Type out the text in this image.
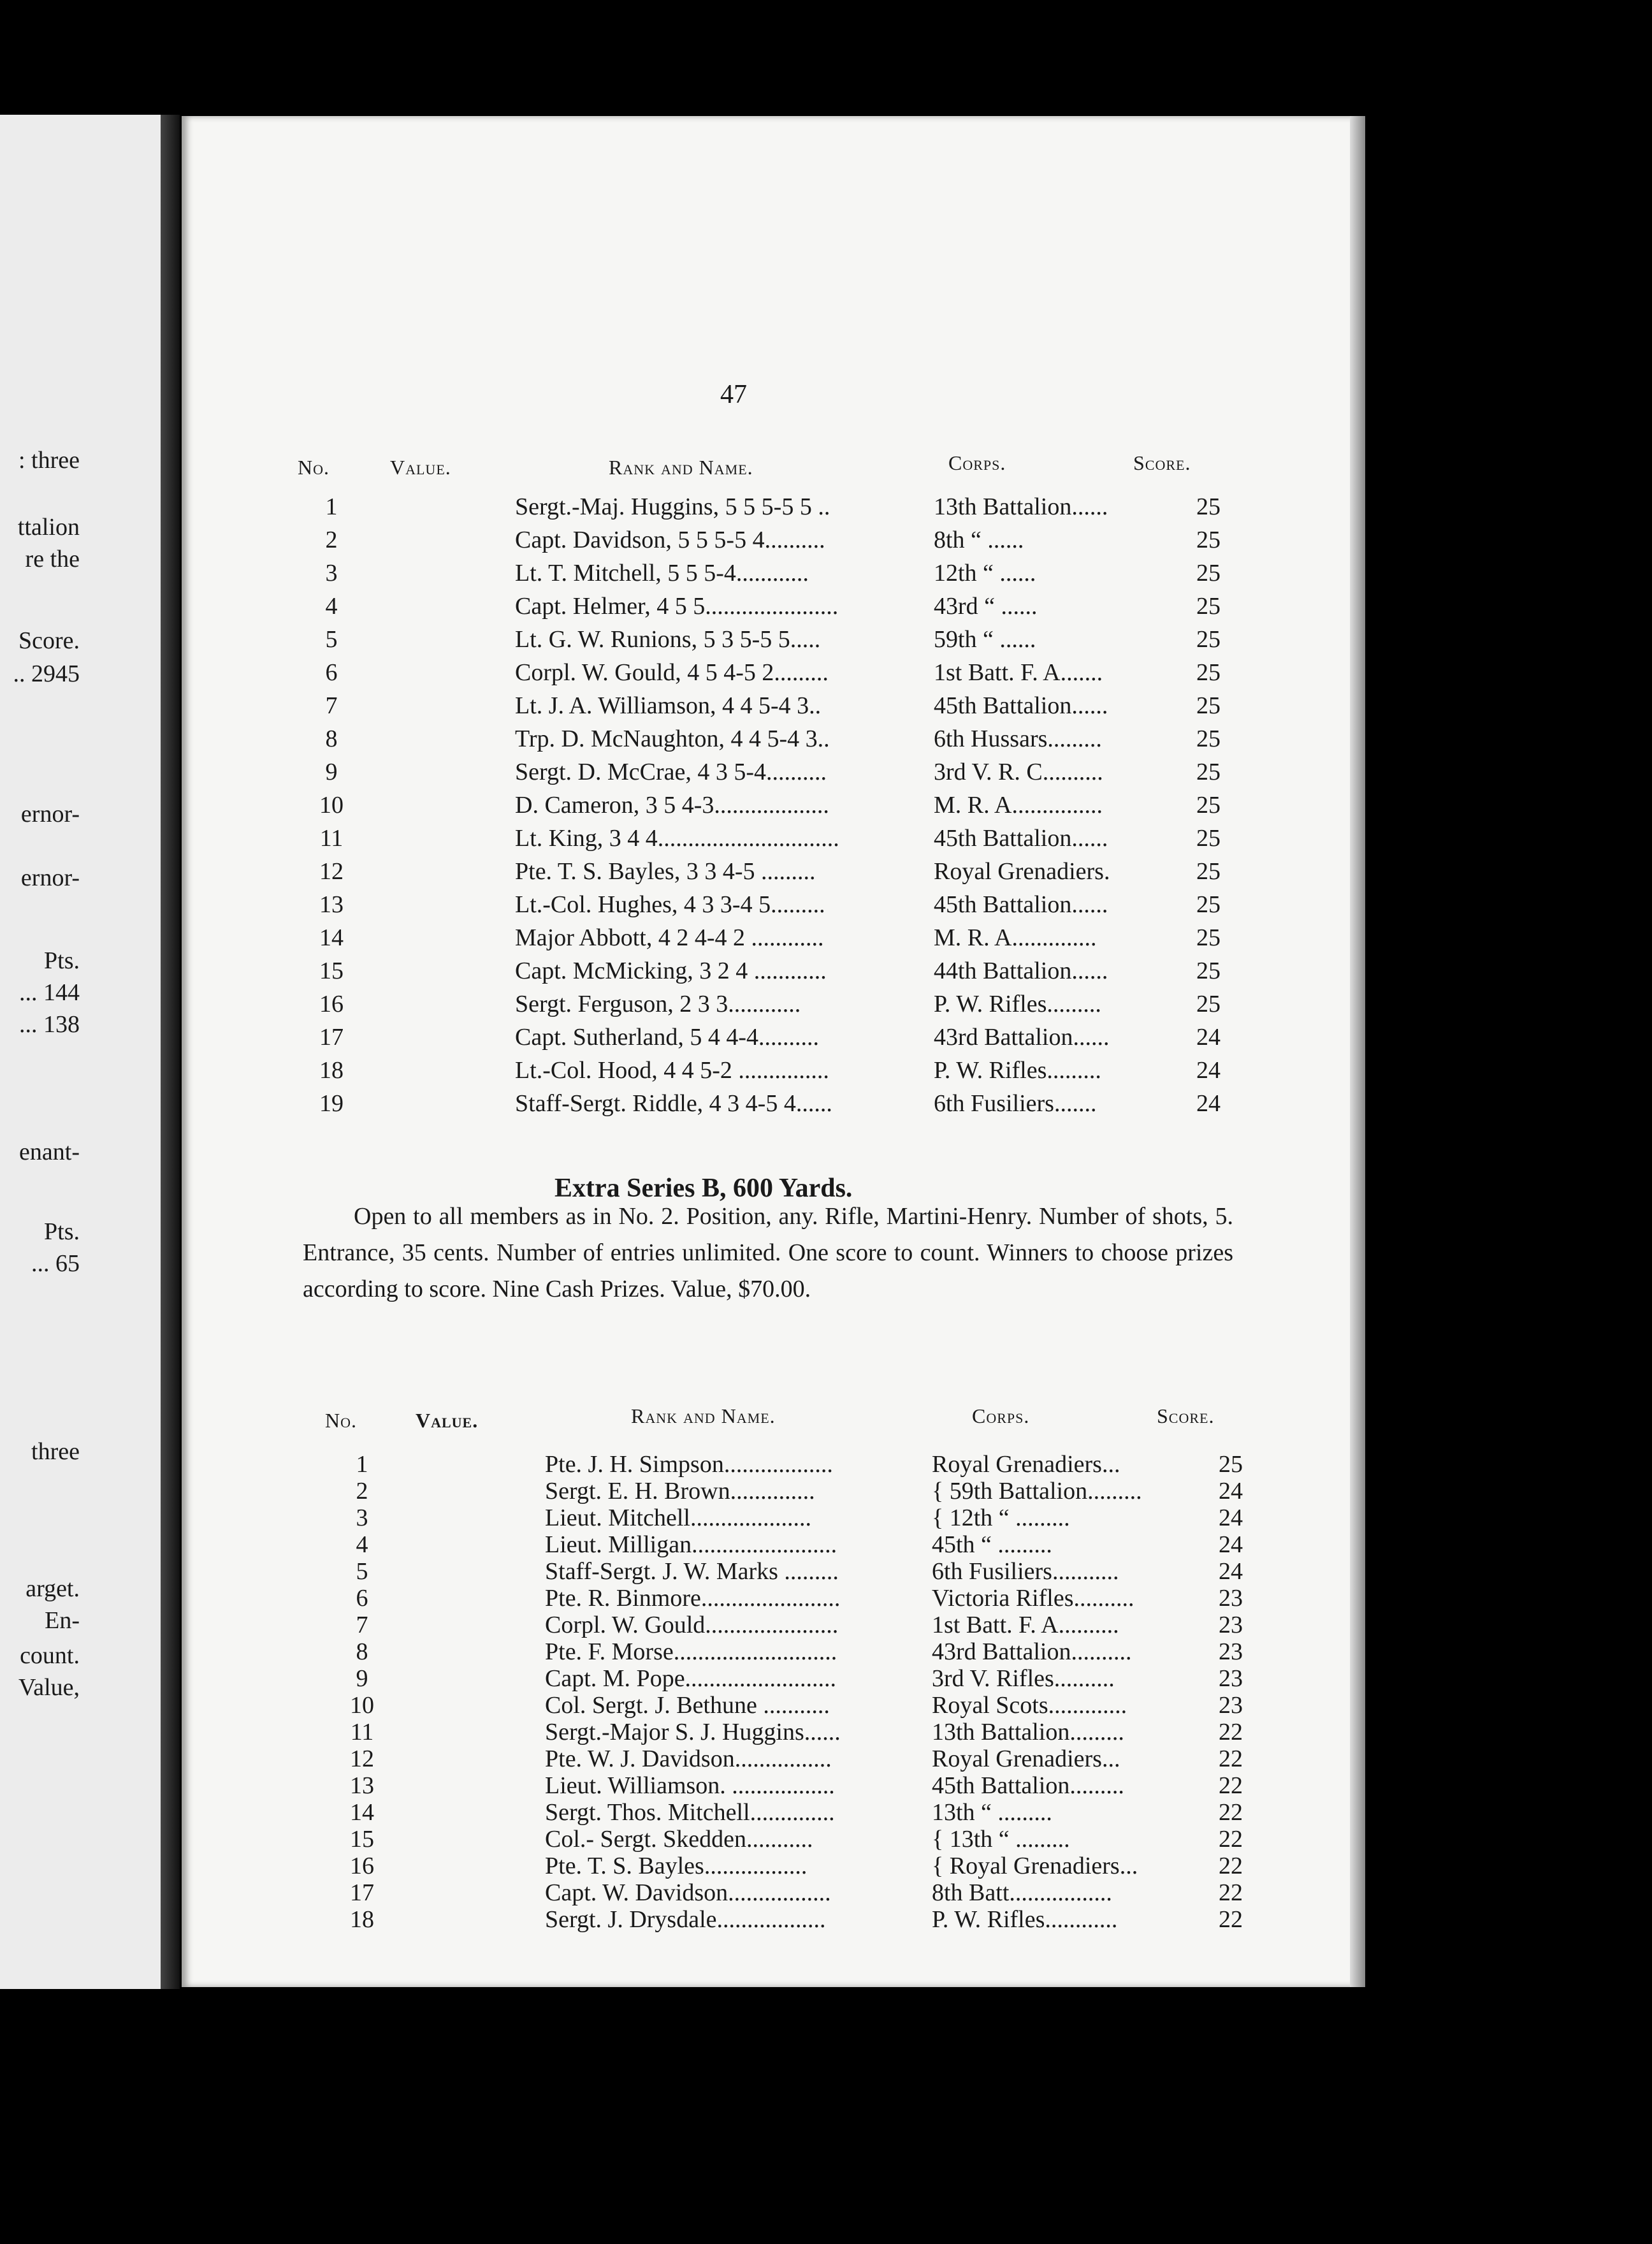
: three
ttalion
re the
Score.
.. 2945
ernor-
ernor-
Pts.
... 144
... 138
enant-
Pts.
... 65
three
arget.
En-
count.
Value,
47
No.	Value.	Rank and Name.	Corps.	Score.
1	Sergt.-Maj. Huggins, 5 5 5-5 5 ..	13th Battalion......	25
2	Capt. Davidson, 5 5 5-5 4..........	8th “ ......	25
3	Lt. T. Mitchell, 5 5 5-4............	12th “ ......	25
4	Capt. Helmer, 4 5 5......................	43rd “ ......	25
5	Lt. G. W. Runions, 5 3 5-5 5.....	59th “ ......	25
6	Corpl. W. Gould, 4 5 4-5 2.........	1st Batt. F. A.......	25
7	Lt. J. A. Williamson, 4 4 5-4 3..	45th Battalion......	25
8	Trp. D. McNaughton, 4 4 5-4 3..	6th Hussars.........	25
9	Sergt. D. McCrae, 4 3 5-4..........	3rd V. R. C..........	25
10	D. Cameron, 3 5 4-3...................	M. R. A...............	25
11	Lt. King, 3 4 4..............................	45th Battalion......	25
12	Pte. T. S. Bayles, 3 3 4-5 .........	Royal Grenadiers.	25
13	Lt.-Col. Hughes, 4 3 3-4 5.........	45th Battalion......	25
14	Major Abbott, 4 2 4-4 2 ............	M. R. A..............	25
15	Capt. McMicking, 3 2 4 ............	44th Battalion......	25
16	Sergt. Ferguson, 2 3 3............	P. W. Rifles.........	25
17	Capt. Sutherland, 5 4 4-4..........	43rd Battalion......	24
18	Lt.-Col. Hood, 4 4 5-2 ...............	P. W. Rifles.........	24
19	Staff-Sergt. Riddle, 4 3 4-5 4......	6th Fusiliers.......	24
Extra Series B, 600 Yards.

Open to all members as in No. 2. Position, any. Rifle, Martini-Henry. Number of shots, 5. Entrance, 35 cents. Number of entries unlimited. One score to count. Winners to choose prizes according to score. Nine Cash Prizes. Value, $70.00.

No.	Value.	Rank and Name.	Corps.	Score.
1	Pte. J. H. Simpson..................	Royal Grenadiers...	25
2	Sergt. E. H. Brown..............	{ 59th Battalion.........	24
3	Lieut. Mitchell....................	{ 12th “ .........	24
4	Lieut. Milligan........................	45th “ .........	24
5	Staff-Sergt. J. W. Marks .........	6th Fusiliers...........	24
6	Pte. R. Binmore.......................	Victoria Rifles..........	23
7	Corpl. W. Gould......................	1st Batt. F. A..........	23
8	Pte. F. Morse...........................	43rd Battalion..........	23
9	Capt. M. Pope.........................	3rd V. Rifles..........	23
10	Col. Sergt. J. Bethune ...........	Royal Scots.............	23
11	Sergt.-Major S. J. Huggins......	13th Battalion.........	22
12	Pte. W. J. Davidson................	Royal Grenadiers...	22
13	Lieut. Williamson. .................	45th Battalion.........	22
14	Sergt. Thos. Mitchell..............	13th “ .........	22
15	Col.- Sergt. Skedden...........	{ 13th “ .........	22
16	Pte. T. S. Bayles.................	{ Royal Grenadiers...	22
17	Capt. W. Davidson.................	8th Batt.................	22
18	Sergt. J. Drysdale..................	P. W. Rifles............	22
